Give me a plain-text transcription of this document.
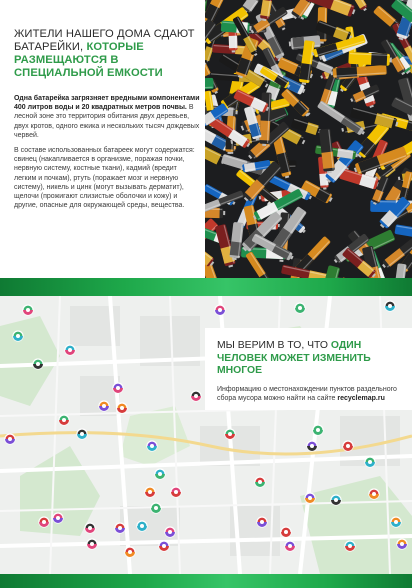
ЖИТЕЛИ НАШЕГО ДОМА СДАЮТ БАТАРЕЙКИ, КОТОРЫЕ РАЗМЕЩАЮТСЯ В СПЕЦИАЛЬНОЙ ЕМКОСТИ

Одна батарейка загрязняет вредными компонентами 400 литров воды и 20 квадратных метров почвы. В лесной зоне это территория обитания двух деревьев, двух кротов, одного ежика и нескольких тысяч дождевых червей.

В составе использованных батареек могут содержатся: свинец (накапливается в организме, поражая почки, нервную систему, костные ткани), кадмий (вредит легким и почкам), ртуть (поражает мозг и нервную систему), никель и цинк (могут вызывать дерматит), щелочи (прожигают слизистые оболочки и кожу) и другие, опасные для окружающей среды, вещества.

МЫ ВЕРИМ В ТО, ЧТО ОДИН ЧЕЛОВЕК МОЖЕТ ИЗМЕНИТЬ МНОГОЕ

Информацию о местонахождении пунктов раздельного сбора мусора можно найти на сайте recyclemap.ru
